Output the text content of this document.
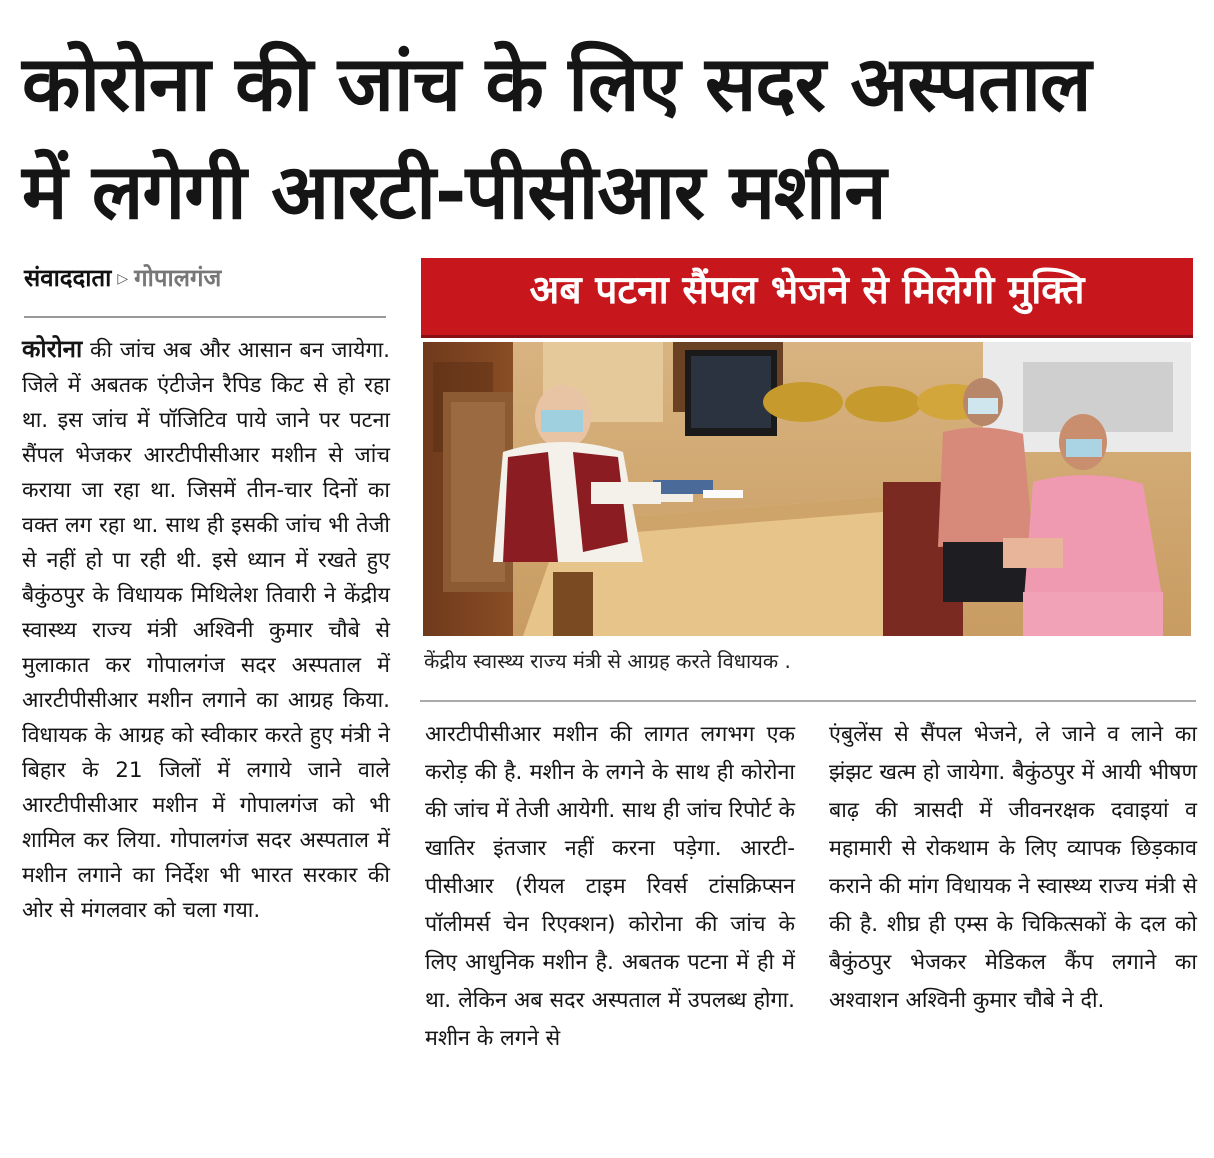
कोरोना की जांच के लिए सदर अस्पताल
में लगेगी आरटी-पीसीआर मशीन
संवाददाता ▷ गोपालगंज
कोरोना की जांच अब और आसान बन जायेगा. जिले में अबतक एंटीजेन रैपिड किट से हो रहा था. इस जांच में पॉजिटिव पाये जाने पर पटना सैंपल भेजकर आरटीपीसीआर मशीन से जांच कराया जा रहा था. जिसमें तीन-चार दिनों का वक्त लग रहा था. साथ ही इसकी जांच भी तेजी से नहीं हो पा रही थी. इसे ध्यान में रखते हुए बैकुंठपुर के विधायक मिथिलेश तिवारी ने केंद्रीय स्वास्थ्य राज्य मंत्री अश्विनी कुमार चौबे से मुलाकात कर गोपालगंज सदर अस्पताल में आरटीपीसीआर मशीन लगाने का आग्रह किया. विधायक के आग्रह को स्वीकार करते हुए मंत्री ने बिहार के 21 जिलों में लगाये जाने वाले आरटीपीसीआर मशीन में गोपालगंज को भी शामिल कर लिया. गोपालगंज सदर अस्पताल में मशीन लगाने का निर्देश भी भारत सरकार की ओर से मंगलवार को चला गया.
अब पटना सैंपल भेजने से मिलेगी मुक्ति
केंद्रीय स्वास्थ्य राज्य मंत्री से आग्रह करते विधायक .
आरटीपीसीआर मशीन की लागत लगभग एक करोड़ की है. मशीन के लगने के साथ ही कोरोना की जांच में तेजी आयेगी. साथ ही जांच रिपोर्ट के खातिर इंतजार नहीं करना पड़ेगा. आरटी-पीसीआर (रीयल टाइम रिवर्स टांसक्रिप्सन पॉलीमर्स चेन रिएक्शन) कोरोना की जांच के लिए आधुनिक मशीन है. अबतक पटना में ही में था. लेकिन अब सदर अस्पताल में उपलब्ध होगा. मशीन के लगने से
एंबुलेंस से सैंपल भेजने, ले जाने व लाने का झंझट खत्म हो जायेगा. बैकुंठपुर में आयी भीषण बाढ़ की त्रासदी में जीवनरक्षक दवाइयां व महामारी से रोकथाम के लिए व्यापक छिड़काव कराने की मांग विधायक ने स्वास्थ्य राज्य मंत्री से की है. शीघ्र ही एम्स के चिकित्सकों के दल को बैकुंठपुर भेजकर मेडिकल कैंप लगाने का अश्वाशन अश्विनी कुमार चौबे ने दी.
